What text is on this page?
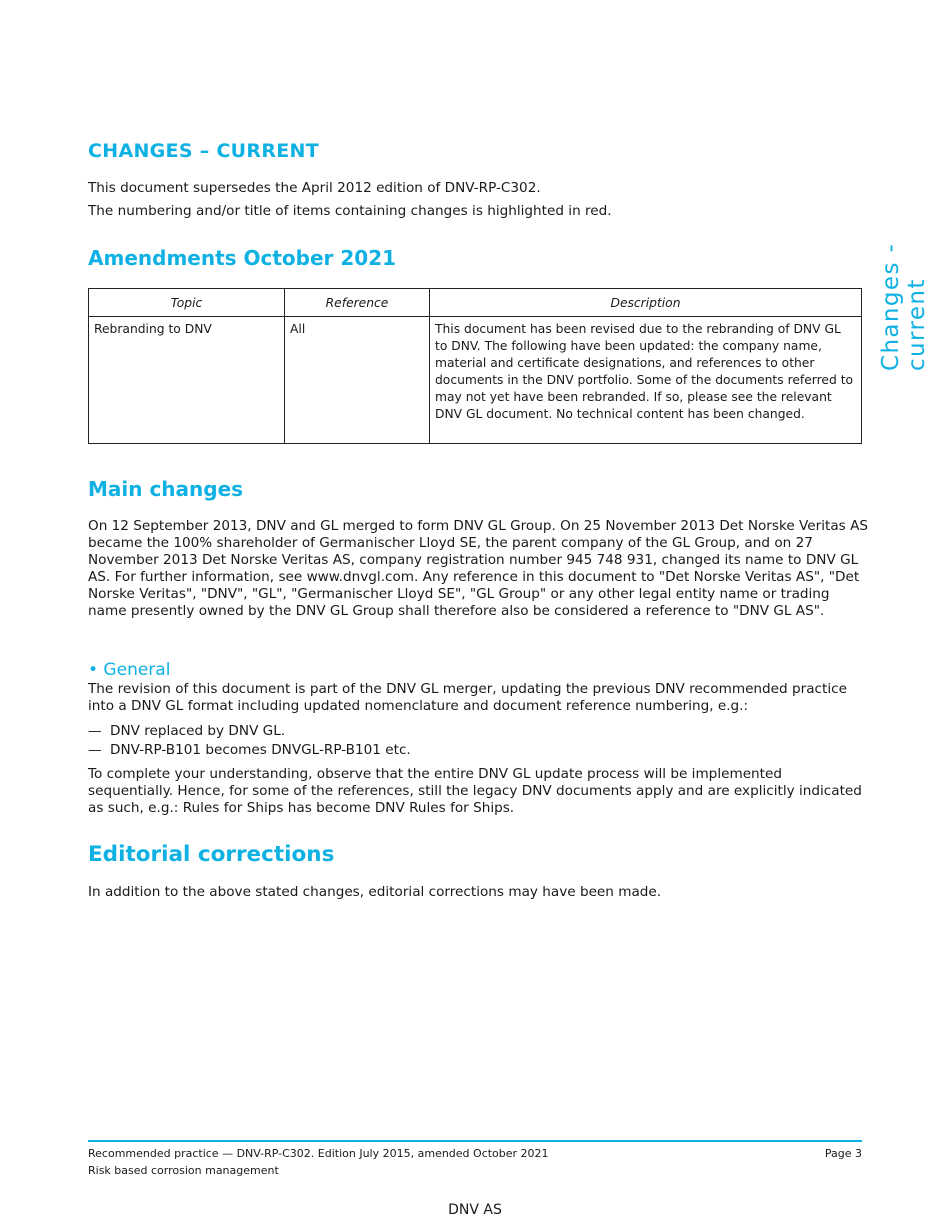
CHANGES – CURRENT
Changes - current

This document supersedes the April 2012 edition of DNV-RP-C302.

The numbering and/or title of items containing changes is highlighted in red.

Amendments October 2021
Topic	Reference	Description
Rebranding to DNV	All	This document has been revised due to the rebranding of DNV GL to DNV. The following have been updated: the company name, material and certificate designations, and references to other documents in the DNV portfolio. Some of the documents referred to may not yet have been rebranded. If so, please see the relevant DNV GL document. No technical content has been changed.
Main changes

On 12 September 2013, DNV and GL merged to form DNV GL Group. On 25 November 2013 Det Norske Veritas AS became the 100% shareholder of Germanischer Lloyd SE, the parent company of the GL Group, and on 27 November 2013 Det Norske Veritas AS, company registration number 945 748 931, changed its name to DNV GL AS. For further information, see www.dnvgl.com. Any reference in this document to "Det Norske Veritas AS", "Det Norske Veritas", "DNV", "GL", "Germanischer Lloyd SE", "GL Group" or any other legal entity name or trading name presently owned by the DNV GL Group shall therefore also be considered a reference to "DNV GL AS".

• General

The revision of this document is part of the DNV GL merger, updating the previous DNV recommended practice into a DNV GL format including updated nomenclature and document reference numbering, e.g.:

— DNV replaced by DNV GL.
— DNV-RP-B101 becomes DNVGL-RP-B101 etc.

To complete your understanding, observe that the entire DNV GL update process will be implemented sequentially. Hence, for some of the references, still the legacy DNV documents apply and are explicitly indicated as such, e.g.: Rules for Ships has become DNV Rules for Ships.

Editorial corrections

In addition to the above stated changes, editorial corrections may have been made.

Recommended practice — DNV-RP-C302. Edition July 2015, amended October 2021
Risk based corrosion management
Page 3
DNV AS
